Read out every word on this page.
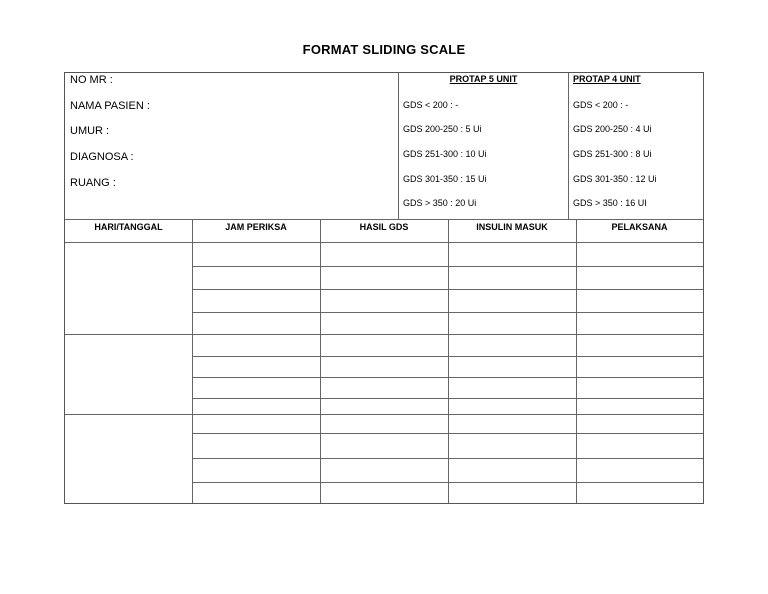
FORMAT SLIDING SCALE
NO MR :
NAMA PASIEN :
UMUR :
DIAGNOSA :
RUANG :
PROTAP 5 UNIT
GDS < 200 : -
GDS 200-250 : 5 Ui
GDS 251-300 : 10 Ui
GDS 301-350 : 15 Ui
GDS > 350 : 20 Ui
PROTAP 4 UNIT
GDS < 200 : -
GDS 200-250 : 4 Ui
GDS 251-300 : 8 Ui
GDS 301-350 : 12 Ui
GDS > 350 : 16 UI
HARI/TANGGAL	JAM PERIKSA	HASIL GDS	INSULIN MASUK	PELAKSANA
